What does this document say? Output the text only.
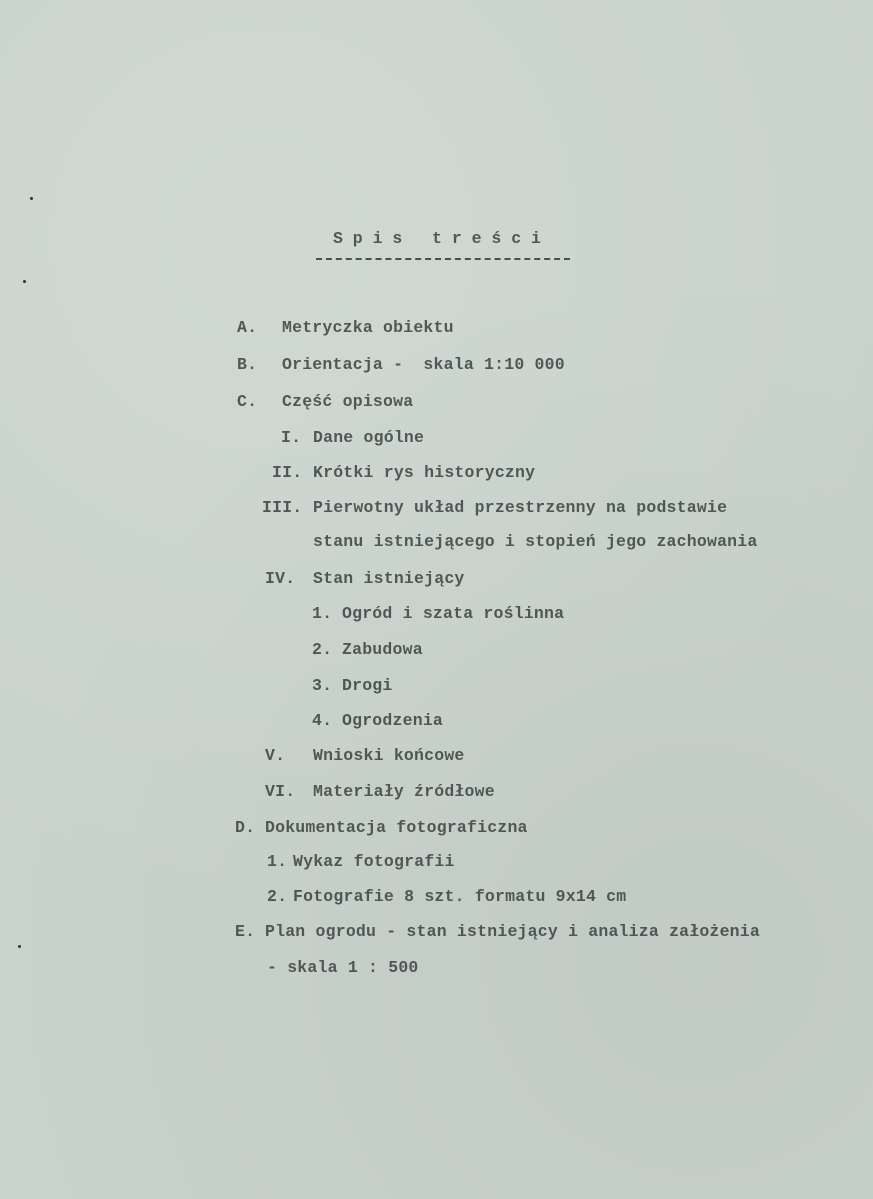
S p i s   t r e ś c i
A. Metryczka obiektu
B. Orientacja -  skala 1:10 000
C. Część opisowa
I. Dane ogólne
II. Krótki rys historyczny
III. Pierwotny układ przestrzenny na podstawie
stanu istniejącego i stopień jego zachowania
IV. Stan istniejący
1. Ogród i szata roślinna
2. Zabudowa
3. Drogi
4. Ogrodzenia
V. Wnioski końcowe
VI. Materiały źródłowe
D. Dokumentacja fotograficzna
1. Wykaz fotografii
2. Fotografie 8 szt. formatu 9x14 cm
E. Plan ogrodu - stan istniejący i analiza założenia
- skala 1 : 500
